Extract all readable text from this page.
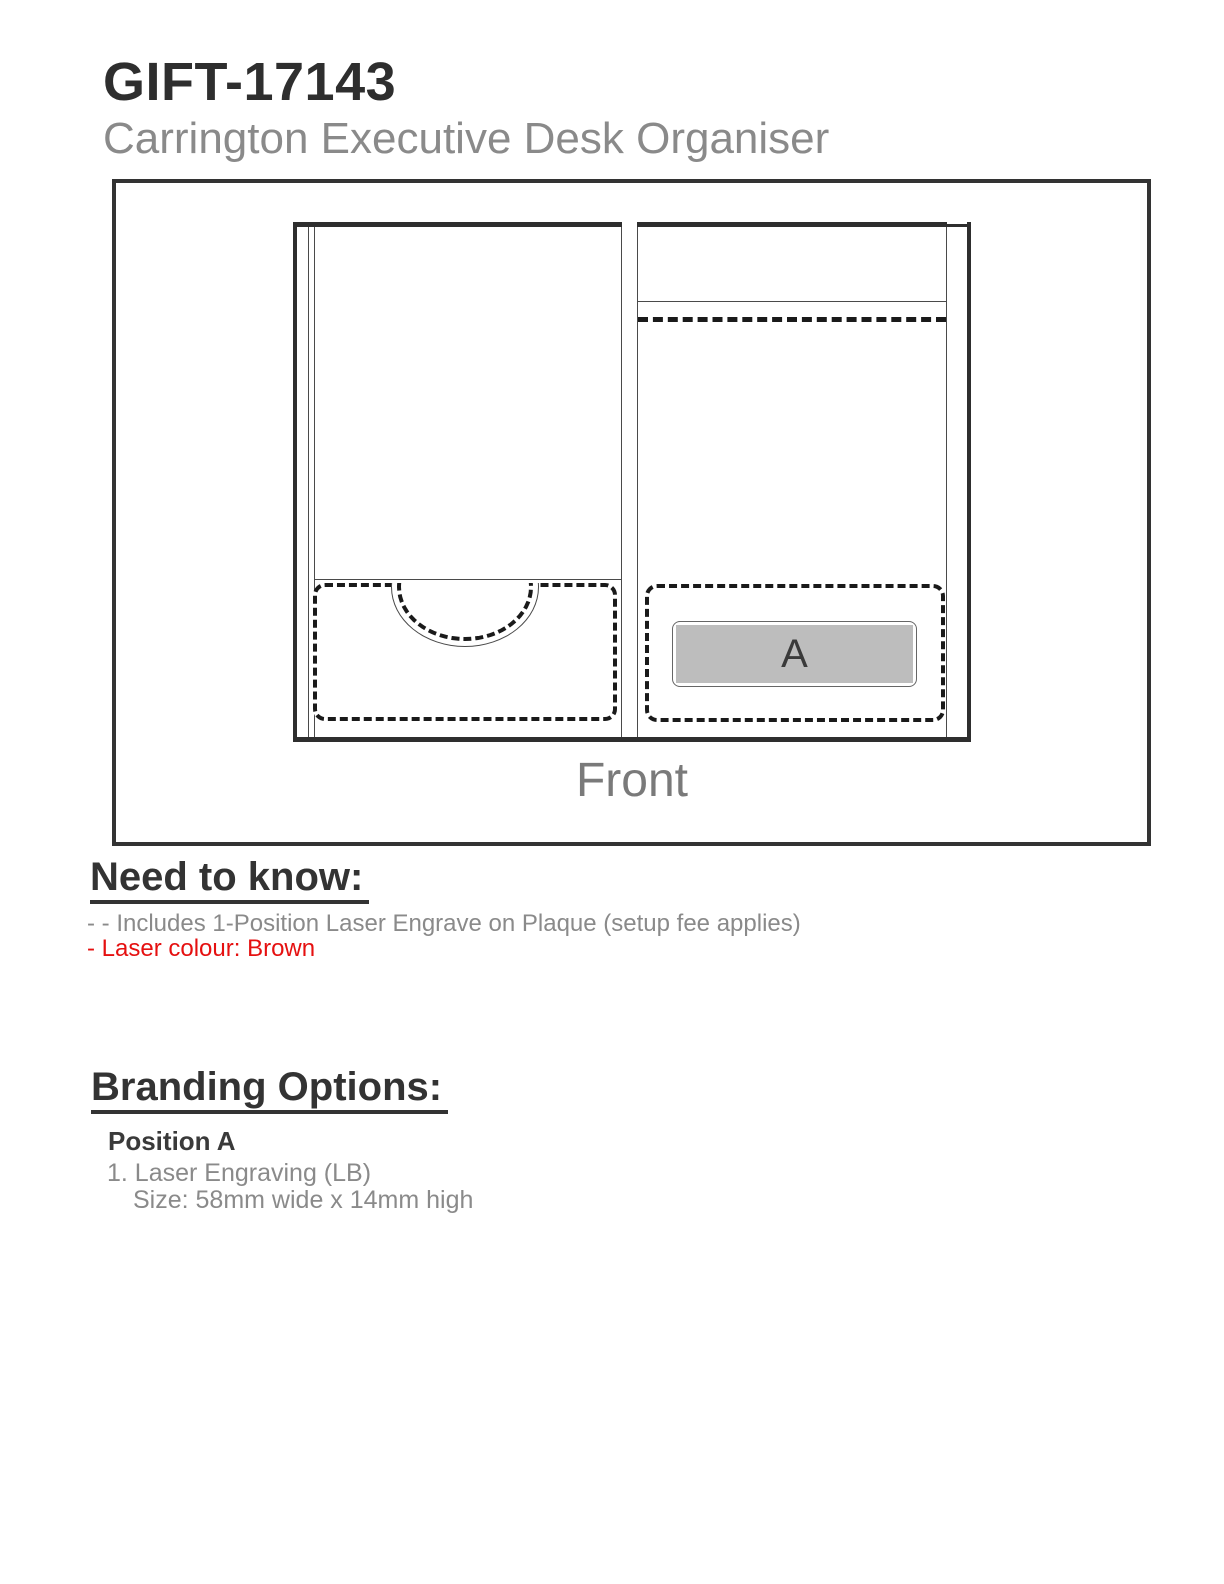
GIFT-17143
Carrington Executive Desk Organiser
A
Front
Need to know:
- - Includes 1-Position Laser Engrave on Plaque (setup fee applies)
- Laser colour: Brown
Branding Options:
Position A
1. Laser Engraving (LB)
Size: 58mm wide x 14mm high
